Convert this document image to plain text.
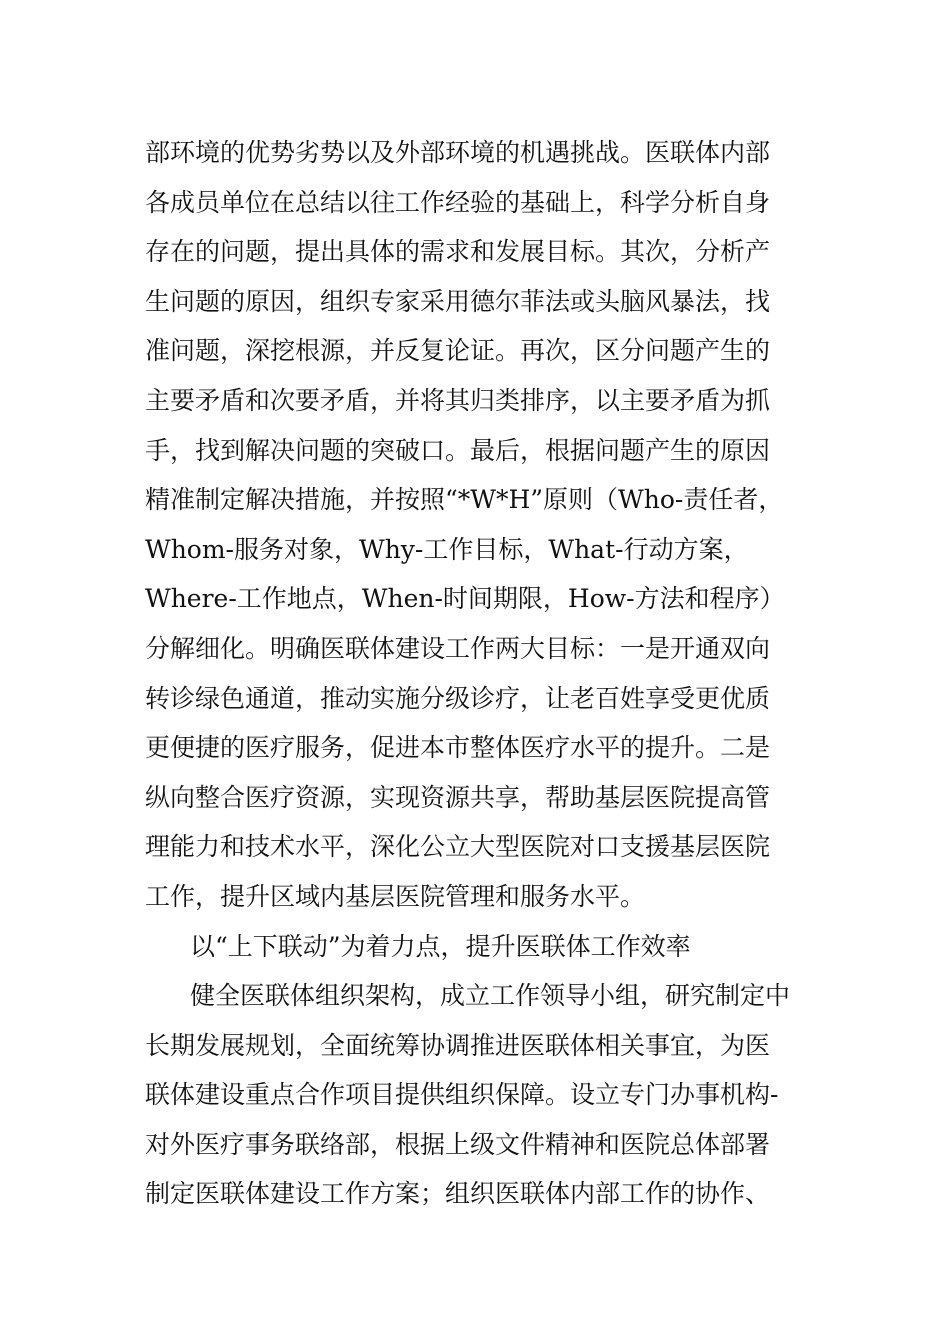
部环境的优势劣势以及外部环境的机遇挑战。医联体内部
各成员单位在总结以往工作经验的基础上，科学分析自身
存在的问题，提出具体的需求和发展目标。其次，分析产
生问题的原因，组织专家采用德尔菲法或头脑风暴法，找
准问题，深挖根源，并反复论证。再次，区分问题产生的
主要矛盾和次要矛盾，并将其归类排序，以主要矛盾为抓
手，找到解决问题的突破口。最后，根据问题产生的原因
精准制定解决措施，并按照“*W*H”原则（Who-责任者，
Whom-服务对象，Why-工作目标，What-行动方案，
Where-工作地点，When-时间期限，How-方法和程序）
分解细化。明确医联体建设工作两大目标：一是开通双向
转诊绿色通道，推动实施分级诊疗，让老百姓享受更优质
更便捷的医疗服务，促进本市整体医疗水平的提升。二是
纵向整合医疗资源，实现资源共享，帮助基层医院提高管
理能力和技术水平，深化公立大型医院对口支援基层医院
工作，提升区域内基层医院管理和服务水平。
以“上下联动”为着力点，提升医联体工作效率
健全医联体组织架构，成立工作领导小组，研究制定中
长期发展规划，全面统筹协调推进医联体相关事宜，为医
联体建设重点合作项目提供组织保障。设立专门办事机构-
对外医疗事务联络部，根据上级文件精神和医院总体部署
制定医联体建设工作方案；组织医联体内部工作的协作、
